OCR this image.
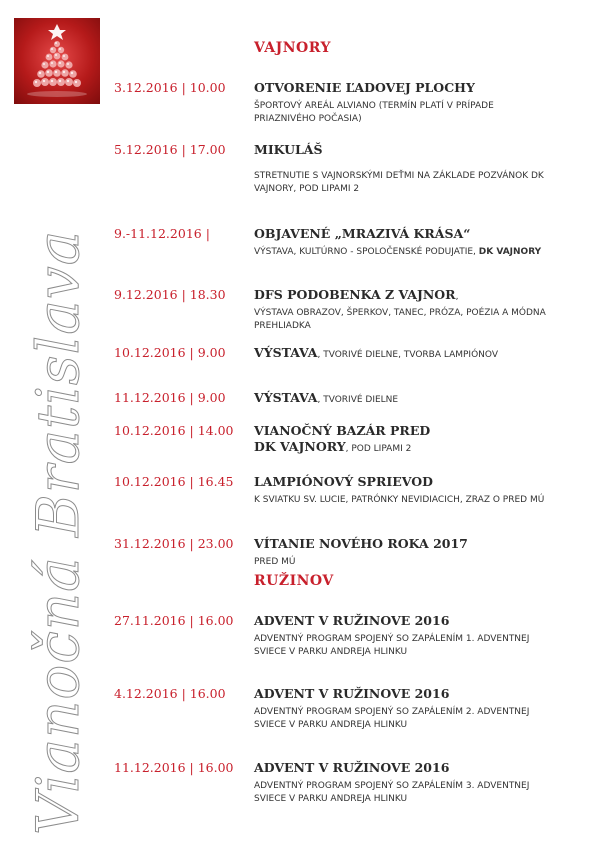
Vianočná Bratislava
VAJNORY
3.12.2016 | 10.00	OTVORENIE ĽADOVEJ PLOCHY
ŠPORTOVÝ AREÁL ALVIANO (TERMÍN PLATÍ V PRÍPADE PRIAZNIVÉHO POČASIA)
5.12.2016 | 17.00	MIKULÁŠ
STRETNUTIE S VAJNORSKÝMI DEŤMI NA ZÁKLADE POZVÁNOK DK VAJNORY, POD LIPAMI 2
9.-11.12.2016 |	OBJAVENÉ „MRAZIVÁ KRÁSA“
VÝSTAVA, KULTÚRNO - SPOLOČENSKÉ PODUJATIE, DK VAJNORY
9.12.2016 | 18.30	DFS PODOBENKA Z VAJNOR,
VÝSTAVA OBRAZOV, ŠPERKOV, TANEC, PRÓZA, POÉZIA A MÓDNA PREHLIADKA
10.12.2016 | 9.00	VÝSTAVA, TVORIVÉ DIELNE, TVORBA LAMPIÓNOV
11.12.2016 | 9.00	VÝSTAVA, TVORIVÉ DIELNE
10.12.2016 | 14.00	VIANOČNÝ BAZÁR PRED DK VAJNORY, POD LIPAMI 2
10.12.2016 | 16.45	LAMPIÓNOVÝ SPRIEVOD
K SVIATKU SV. LUCIE, PATRÓNKY NEVIDIACICH, ZRAZ O PRED MÚ
31.12.2016 | 23.00	VÍTANIE NOVÉHO ROKA 2017
PRED MÚ
RUŽINOV
27.11.2016 | 16.00	ADVENT V RUŽINOVE 2016
ADVENTNÝ PROGRAM SPOJENÝ SO ZAPÁLENÍM 1. ADVENTNEJ SVIECE V PARKU ANDREJA HLINKU
4.12.2016 | 16.00	ADVENT V RUŽINOVE 2016
ADVENTNÝ PROGRAM SPOJENÝ SO ZAPÁLENÍM 2. ADVENTNEJ SVIECE V PARKU ANDREJA HLINKU
11.12.2016 | 16.00	ADVENT V RUŽINOVE 2016
ADVENTNÝ PROGRAM SPOJENÝ SO ZAPÁLENÍM 3. ADVENTNEJ SVIECE V PARKU ANDREJA HLINKU
